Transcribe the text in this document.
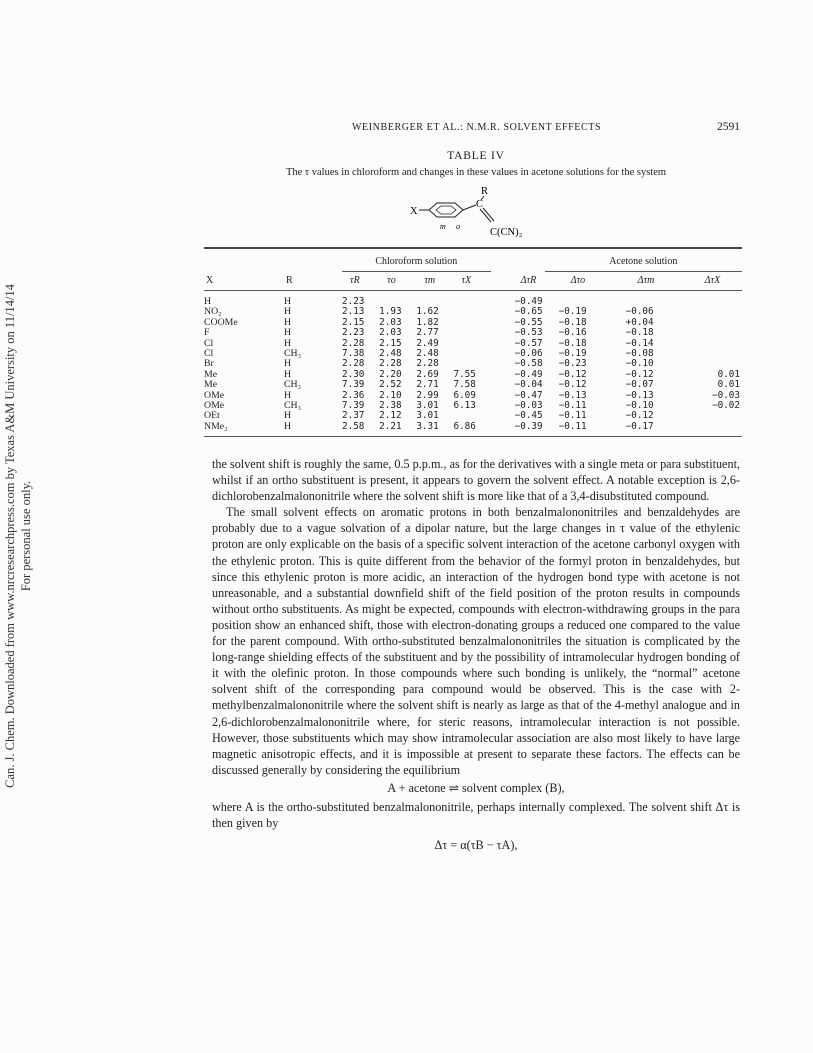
Can. J. Chem. Downloaded from www.nrcresearchpress.com by Texas A&M University on 11/14/14 For personal use only.
WEINBERGER ET AL.: N.M.R. SOLVENT EFFECTS	2591
TABLE IV
The τ values in chloroform and changes in these values in acetone solutions for the system
X
C
R
m o
C(CN)₂

		Chloroform solution					Acetone solution		
X	R	τR	τo	τm	τX	ΔτR	Δτo	Δτm	ΔτX
H	H	2.23				−0.49			
NO₂	H	2.13	1.93	1.62		−0.65	−0.19	−0.06	
COOMe	H	2.15	2.03	1.82		−0.55	−0.18	+0.04	
F	H	2.23	2.03	2.77		−0.53	−0.16	−0.18	
Cl	H	2.28	2.15	2.49		−0.57	−0.18	−0.14	
Cl	CH₃	7.38	2.48	2.48		−0.06	−0.19	−0.08	
Br	H	2.28	2.28	2.28		−0.58	−0.23	−0.10	
Me	H	2.30	2.20	2.69	7.55	−0.49	−0.12	−0.12	0.01
Me	CH₃	7.39	2.52	2.71	7.58	−0.04	−0.12	−0.07	0.01
OMe	H	2.36	2.10	2.99	6.09	−0.47	−0.13	−0.13	−0.03
OMe	CH₃	7.39	2.38	3.01	6.13	−0.03	−0.11	−0.10	−0.02
OEt	H	2.37	2.12	3.01		−0.45	−0.11	−0.12	
NMe₂	H	2.58	2.21	3.31	6.86	−0.39	−0.11	−0.17	

the solvent shift is roughly the same, 0.5 p.p.m., as for the derivatives with a single meta or para substituent, whilst if an ortho substituent is present, it appears to govern the solvent effect. A notable exception is 2,6-dichlorobenzalmalononitrile where the solvent shift is more like that of a 3,4-disubstituted compound.

The small solvent effects on aromatic protons in both benzalmalononitriles and benzaldehydes are probably due to a vague solvation of a dipolar nature, but the large changes in τ value of the ethylenic proton are only explicable on the basis of a specific solvent interaction of the acetone carbonyl oxygen with the ethylenic proton. This is quite different from the behavior of the formyl proton in benzaldehydes, but since this ethylenic proton is more acidic, an interaction of the hydrogen bond type with acetone is not unreasonable, and a substantial downfield shift of the field position of the proton results in compounds without ortho substituents. As might be expected, compounds with electron-withdrawing groups in the para position show an enhanced shift, those with electron-donating groups a reduced one compared to the value for the parent compound. With ortho-substituted benzalmalononitriles the situation is complicated by the long-range shielding effects of the substituent and by the possibility of intramolecular hydrogen bonding of it with the olefinic proton. In those compounds where such bonding is unlikely, the “normal” acetone solvent shift of the corresponding para compound would be observed. This is the case with 2-methylbenzalmalononitrile where the solvent shift is nearly as large as that of the 4-methyl analogue and in 2,6-dichlorobenzalmalononitrile where, for steric reasons, intramolecular interaction is not possible. However, those substituents which may show intramolecular association are also most likely to have large magnetic anisotropic effects, and it is impossible at present to separate these factors. The effects can be discussed generally by considering the equilibrium

A + acetone ⇌ solvent complex (B),

where A is the ortho-substituted benzalmalononitrile, perhaps internally complexed. The solvent shift Δτ is then given by

Δτ = α(τB − τA),
